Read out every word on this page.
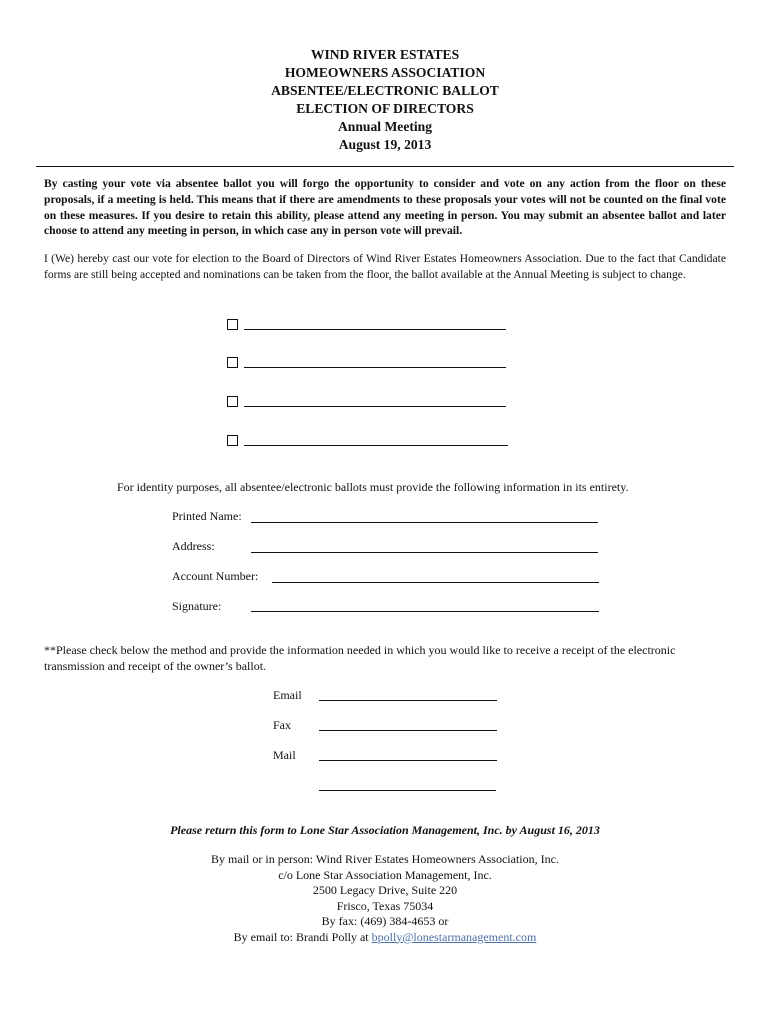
WIND RIVER ESTATES
HOMEOWNERS ASSOCIATION
ABSENTEE/ELECTRONIC BALLOT
ELECTION OF DIRECTORS
Annual Meeting
August 19, 2013
By casting your vote via absentee ballot you will forgo the opportunity to consider and vote on any action from the floor on these proposals, if a meeting is held. This means that if there are amendments to these proposals your votes will not be counted on the final vote on these measures. If you desire to retain this ability, please attend any meeting in person. You may submit an absentee ballot and later choose to attend any meeting in person, in which case any in person vote will prevail.
I (We) hereby cast our vote for election to the Board of Directors of Wind River Estates Homeowners Association. Due to the fact that Candidate forms are still being accepted and nominations can be taken from the floor, the ballot available at the Annual Meeting is subject to change.
For identity purposes, all absentee/electronic ballots must provide the following information in its entirety.
Printed Name:
Address:
Account Number:
Signature:
**Please check below the method and provide the information needed in which you would like to receive a receipt of the electronic transmission and receipt of the owner’s ballot.
Email
Fax
Mail
Please return this form to Lone Star Association Management, Inc. by August 16, 2013
By mail or in person: Wind River Estates Homeowners Association, Inc.
c/o Lone Star Association Management, Inc.
2500 Legacy Drive, Suite 220
Frisco, Texas 75034
By fax: (469) 384-4653 or
By email to: Brandi Polly at bpolly@lonestarmanagement.com
